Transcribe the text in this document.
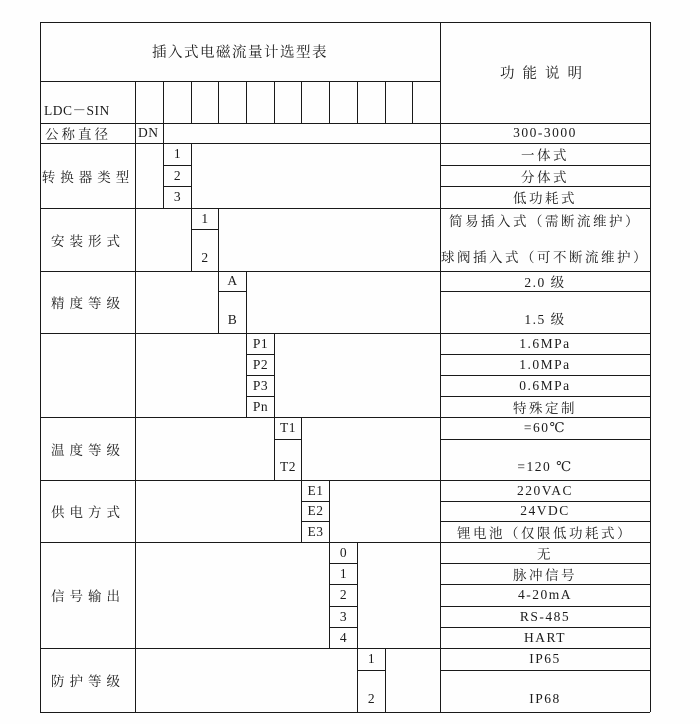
插入式电磁流量计选型表
功能说明
LDC－SIN
公称直径	DN	300-3000
转换器类型
安装形式
精度等级
温度等级
供电方式
信号输出
防护等级
1
2
3
一体式
分体式
低功耗式
1
2
简易插入式（需断流维护）
球阀插入式（可不断流维护）
A
B
2.0 级
1.5 级
P1
P2
P3
Pn
1.6MPa
1.0MPa
0.6MPa
特殊定制
T1
T2
=60℃
=120 ℃
E1
E2
E3
220VAC
24VDC
锂电池（仅限低功耗式）
0
1
2
3
4
无
脉冲信号
4-20mA
RS-485
HART
1
2
IP65
IP68
